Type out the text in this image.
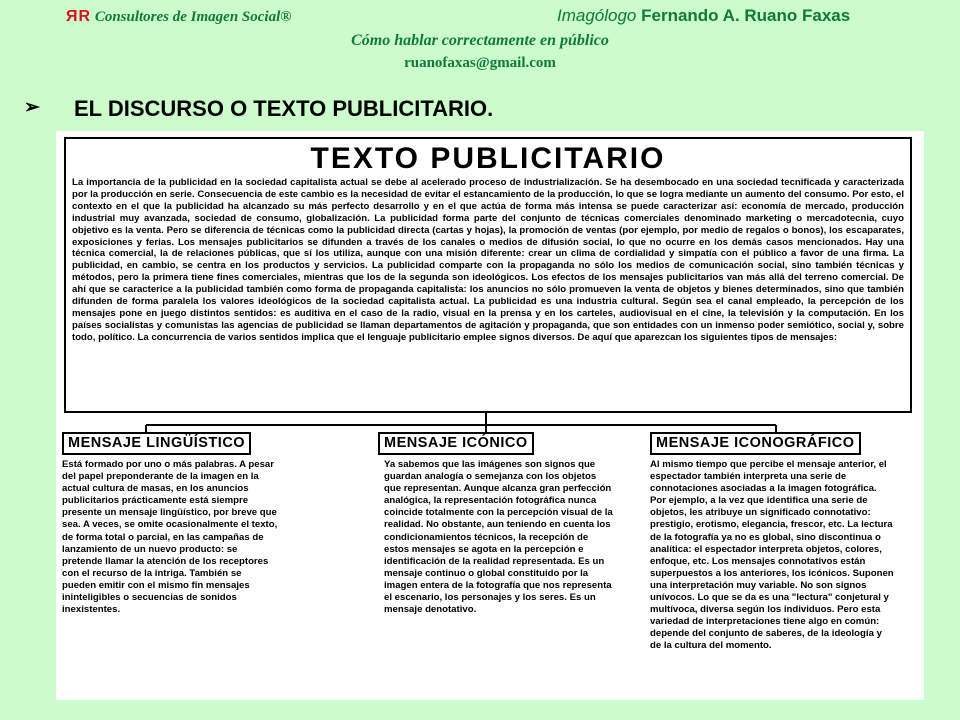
ЯR Consultores de Imagen Social®	Imagólogo Fernando A. Ruano Faxas
Cómo hablar correctamente en público
ruanofaxas@gmail.com
➢ EL DISCURSO O TEXTO PUBLICITARIO.
TEXTO PUBLICITARIO

La importancia de la publicidad en la sociedad capitalista actual se debe al acelerado proceso de industrialización. Se ha desembocado en una sociedad tecnificada y caracterizada por la producción en serie. Consecuencia de este cambio es la necesidad de evitar el estancamiento de la producción, lo que se logra mediante un aumento del consumo. Por esto, el contexto en el que la publicidad ha alcanzado su más perfecto desarrollo y en el que actúa de forma más intensa se puede caracterizar así: economía de mercado, producción industrial muy avanzada, sociedad de consumo, globalización. La publicidad forma parte del conjunto de técnicas comerciales denominado marketing o mercadotecnia, cuyo objetivo es la venta. Pero se diferencia de técnicas como la publicidad directa (cartas y hojas), la promoción de ventas (por ejemplo, por medio de regalos o bonos), los escaparates, exposiciones y ferias. Los mensajes publicitarios se difunden a través de los canales o medios de difusión social, lo que no ocurre en los demás casos mencionados. Hay una técnica comercial, la de relaciones públicas, que sí los utiliza, aunque con una misión diferente: crear un clima de cordialidad y simpatía con el público a favor de una firma. La publicidad, en cambio, se centra en los productos y servicios. La publicidad comparte con la propaganda no sólo los medios de comunicación social, sino también técnicas y métodos, pero la primera tiene fines comerciales, mientras que los de la segunda son ideológicos. Los efectos de los mensajes publicitarios van más allá del terreno comercial. De ahí que se caracterice a la publicidad también como forma de propaganda capitalista: los anuncios no sólo promueven la venta de objetos y bienes determinados, sino que también difunden de forma paralela los valores ideológicos de la sociedad capitalista actual. La publicidad es una industria cultural. Según sea el canal empleado, la percepción de los mensajes pone en juego distintos sentidos: es auditiva en el caso de la radio, visual en la prensa y en los carteles, audiovisual en el cine, la televisión y la computación. En los países socialistas y comunistas las agencias de publicidad se llaman departamentos de agitación y propaganda, que son entidades con un inmenso poder semiótico, social y, sobre todo, político. La concurrencia de varios sentidos implica que el lenguaje publicitario emplee signos diversos. De aquí que aparezcan los siguientes tipos de mensajes:

MENSAJE LINGÜÍSTICO

Está formado por uno o más palabras. A pesar del papel preponderante de la imagen en la actual cultura de masas, en los anuncios publicitarios prácticamente está siempre presente un mensaje lingüístico, por breve que sea. A veces, se omite ocasionalmente el texto, de forma total o parcial, en las campañas de lanzamiento de un nuevo producto: se pretende llamar la atención de los receptores con el recurso de la intriga. También se pueden emitir con el mismo fin mensajes ininteligibles o secuencias de sonidos inexistentes.

MENSAJE ICÓNICO

Ya sabemos que las imágenes son signos que guardan analogía o semejanza con los objetos que representan. Aunque alcanza gran perfección analógica, la representación fotográfica nunca coincide totalmente con la percepción visual de la realidad. No obstante, aun teniendo en cuenta los condicionamientos técnicos, la recepción de estos mensajes se agota en la percepción e identificación de la realidad representada. Es un mensaje continuo o global constituido por la imagen entera de la fotografía que nos representa el escenario, los personajes y los seres. Es un mensaje denotativo.

MENSAJE ICONOGRÁFICO

Al mismo tiempo que percibe el mensaje anterior, el espectador también interpreta una serie de connotaciones asociadas a la imagen fotográfica. Por ejemplo, a la vez que identifica una serie de objetos, les atribuye un significado connotativo: prestigio, erotismo, elegancia, frescor, etc. La lectura de la fotografía ya no es global, sino discontinua o analítica: el espectador interpreta objetos, colores, enfoque, etc. Los mensajes connotativos están superpuestos a los anteriores, los icónicos. Suponen una interpretación muy variable. No son signos unívocos. Lo que se da es una "lectura" conjetural y multívoca, diversa según los individuos. Pero esta variedad de interpretaciones tiene algo en común: depende del conjunto de saberes, de la ideología y de la cultura del momento.
